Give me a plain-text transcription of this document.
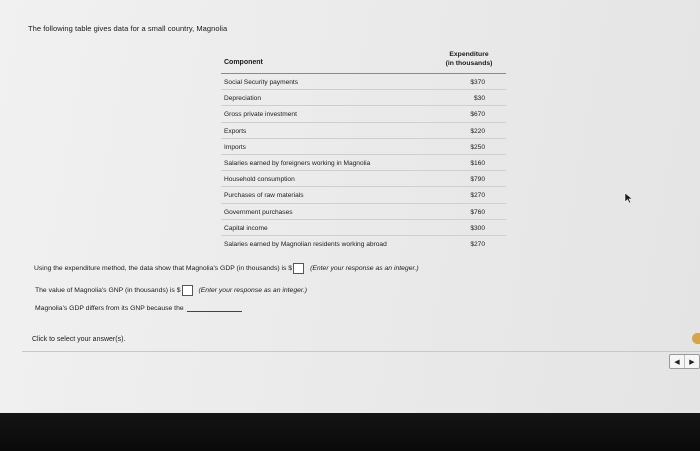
The following table gives data for a small country, Magnolia
Component
Expenditure
(in thousands)
Social Security payments	$370
Depreciation	$30
Gross private investment	$670
Exports	$220
Imports	$250
Salaries earned by foreigners working in Magnolia	$160
Household consumption	$790
Purchases of raw materials	$270
Government purchases	$760
Capital income	$300
Salaries earned by Magnolian residents working abroad	$270
Using the expenditure method, the data show that Magnolia's GDP (in thousands) is $	(Enter your response as an integer.)
The value of Magnolia's GNP (in thousands) is $	(Enter your response as an integer.)
Magnolia's GDP differs from its GNP because the
Click to select your answer(s).
◀ ▶
